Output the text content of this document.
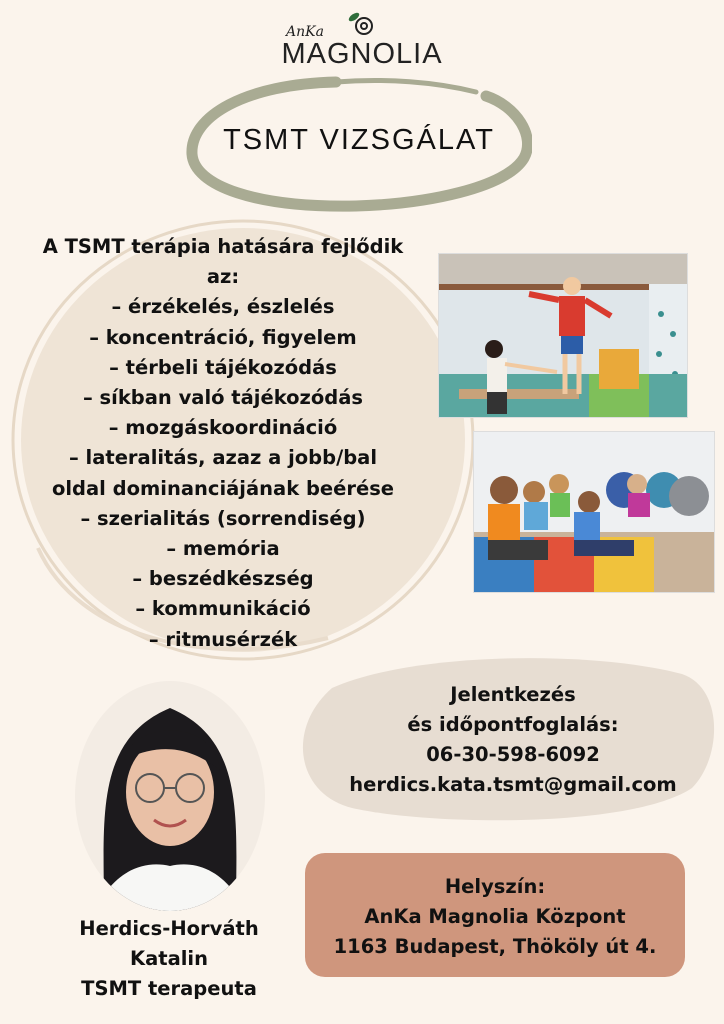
AnKa
MAGNOLIA
TSMT VIZSGÁLAT
A TSMT terápia hatására fejlődik
az:
– érzékelés, észlelés
– koncentráció, figyelem
– térbeli tájékozódás
– síkban való tájékozódás
– mozgáskoordináció
– lateralitás, azaz a jobb/bal
oldal dominanciájának beérése
– szerialitás (sorrendiség)
– memória
– beszédkészség
– kommunikáció
– ritmusérzék
Jelentkezés
és időpontfoglalás:
06-30-598-6092
herdics.kata.tsmt@gmail.com
Herdics-Horváth
Katalin
TSMT terapeuta
Helyszín:
AnKa Magnolia Központ
1163 Budapest, Thököly út 4.
